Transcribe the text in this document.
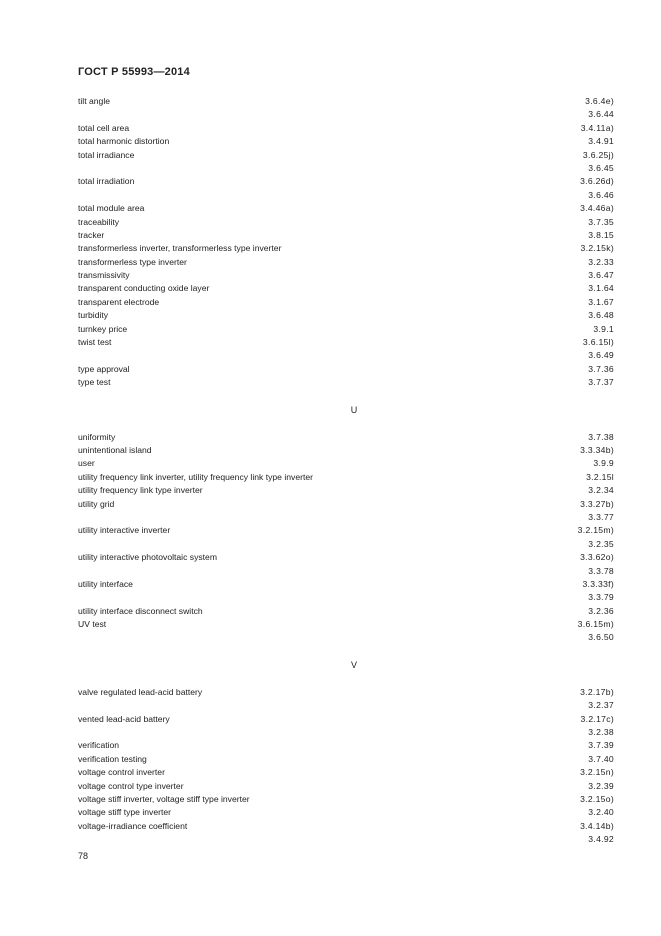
ГОСТ Р 55993—2014
tilt angle	3.6.4e)
3.6.44
total cell area	3.4.11a)
total harmonic distortion	3.4.91
total irradiance	3.6.25j)
3.6.45
total irradiation	3.6.26d)
3.6.46
total module area	3.4.46a)
traceability	3.7.35
tracker	3.8.15
transformerless inverter, transformerless type inverter	3.2.15k)
transformerless type inverter	3.2.33
transmissivity	3.6.47
transparent conducting oxide layer	3.1.64
transparent electrode	3.1.67
turbidity	3.6.48
turnkey price	3.9.1
twist test	3.6.15l)
3.6.49
type approval	3.7.36
type test	3.7.37
U
uniformity	3.7.38
unintentional island	3.3.34b)
user	3.9.9
utility frequency link inverter, utility frequency link type inverter	3.2.15l
utility frequency link type inverter	3.2.34
utility grid	3.3.27b)
3.3.77
utility interactive inverter	3.2.15m)
3.2.35
utility interactive photovoltaic system	3.3.62o)
3.3.78
utility interface	3.3.33f)
3.3.79
utility interface disconnect switch	3.2.36
UV test	3.6.15m)
3.6.50
V
valve regulated lead-acid battery	3.2.17b)
3.2.37
vented lead-acid battery	3.2.17c)
3.2.38
verification	3.7.39
verification testing	3.7.40
voltage control inverter	3.2.15n)
voltage control type inverter	3.2.39
voltage stiff inverter, voltage stiff type inverter	3.2.15o)
voltage stiff type inverter	3.2.40
voltage-irradiance coefficient	3.4.14b)
3.4.92
78
